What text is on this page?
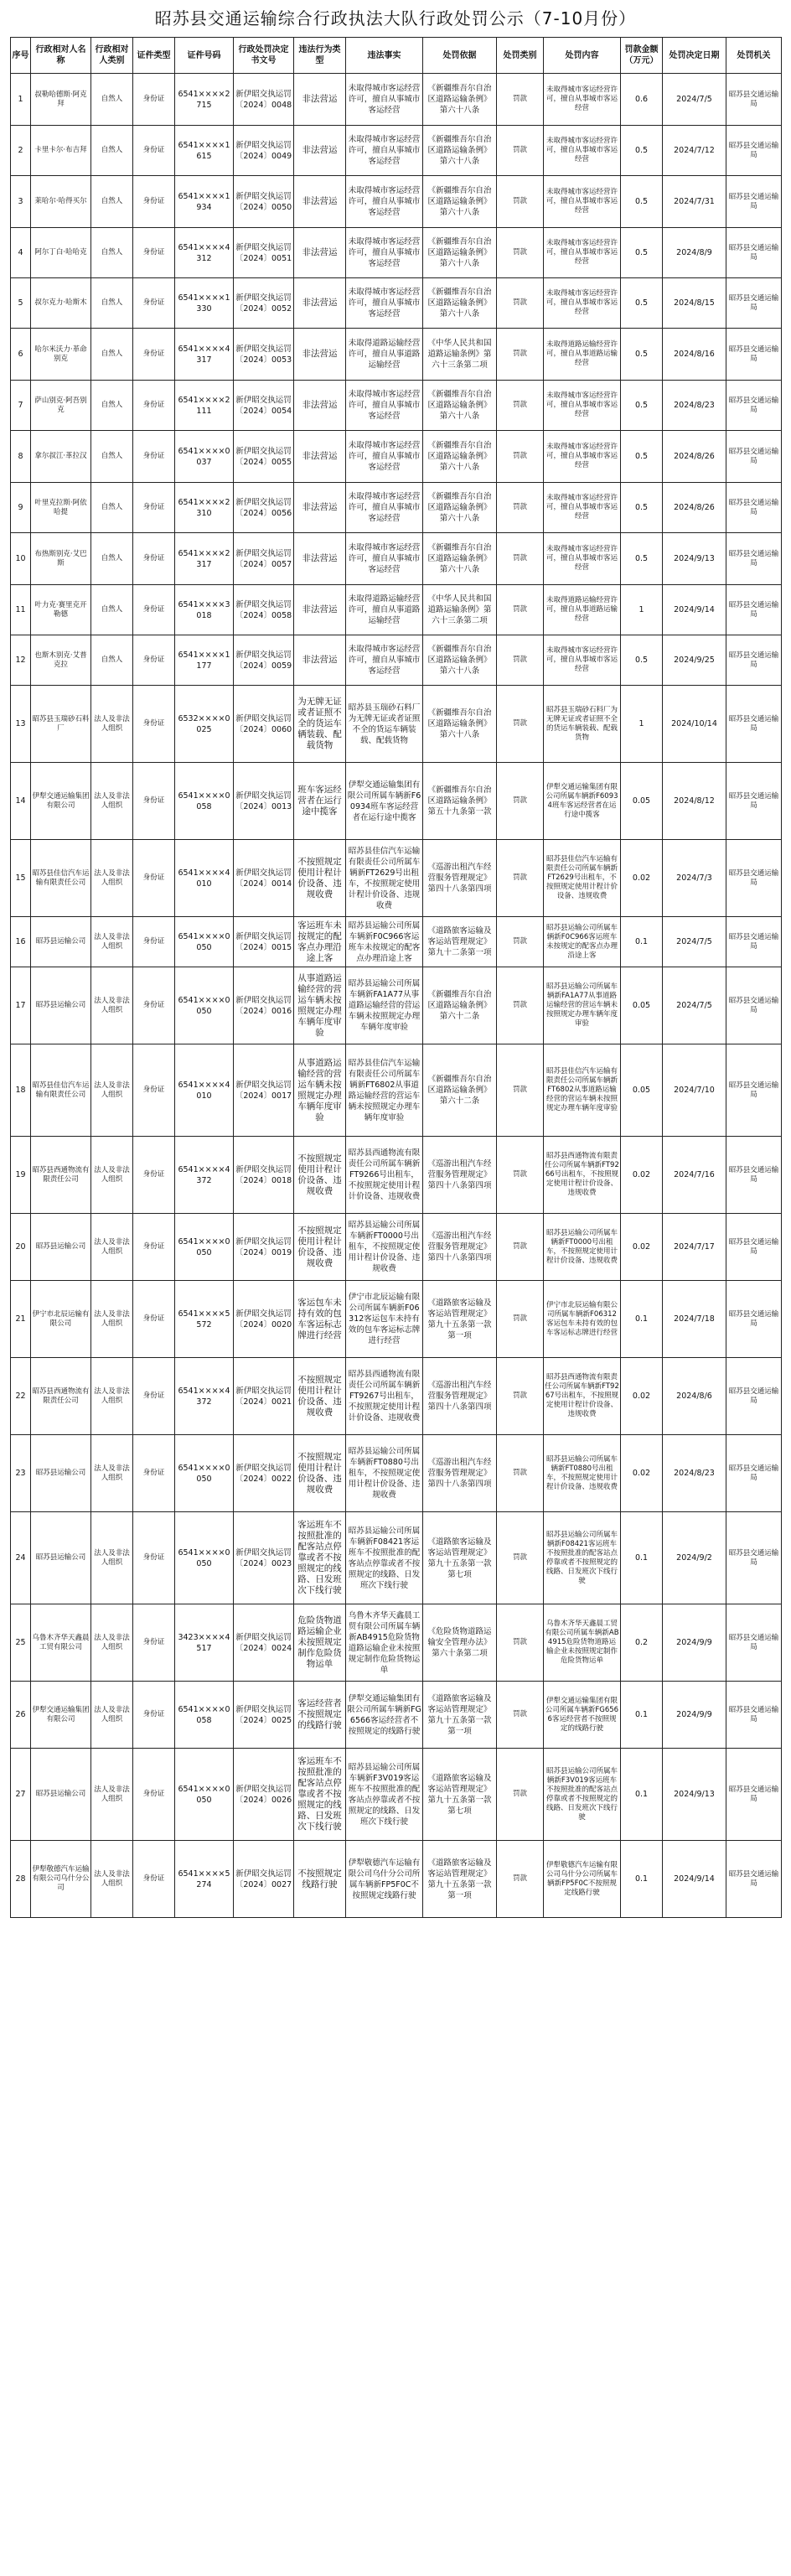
昭苏县交通运输综合行政执法大队行政处罚公示（7-10月份）
序号	行政相对人名称	行政相对人类别	证件类型	证件号码	行政处罚决定书文号	违法行为类型	违法事实	处罚依据	处罚类别	处罚内容	罚款金额（万元）	处罚决定日期	处罚机关
1	叔勒哈德斯·阿克拜	自然人	身份证	6541××××2715	新伊昭交执运罚〔2024〕0048	非法营运	未取得城市客运经营许可，擅自从事城市客运经营	《新疆维吾尔自治区道路运输条例》第六十八条	罚款	未取得城市客运经营许可，擅自从事城市客运经营	0.6	2024/7/5	昭苏县交通运输局
2	卡里卡尔·布吉拜	自然人	身份证	6541××××1615	新伊昭交执运罚〔2024〕0049	非法营运	未取得城市客运经营许可，擅自从事城市客运经营	《新疆维吾尔自治区道路运输条例》第六十八条	罚款	未取得城市客运经营许可，擅自从事城市客运经营	0.5	2024/7/12	昭苏县交通运输局
3	莱哈尔·哈得买尔	自然人	身份证	6541××××1934	新伊昭交执运罚〔2024〕0050	非法营运	未取得城市客运经营许可，擅自从事城市客运经营	《新疆维吾尔自治区道路运输条例》第六十八条	罚款	未取得城市客运经营许可，擅自从事城市客运经营	0.5	2024/7/31	昭苏县交通运输局
4	阿尔丁白·哈哈克	自然人	身份证	6541××××4312	新伊昭交执运罚〔2024〕0051	非法营运	未取得城市客运经营许可，擅自从事城市客运经营	《新疆维吾尔自治区道路运输条例》第六十八条	罚款	未取得城市客运经营许可，擅自从事城市客运经营	0.5	2024/8/9	昭苏县交通运输局
5	叔尔克力·哈斯木	自然人	身份证	6541××××1330	新伊昭交执运罚〔2024〕0052	非法营运	未取得城市客运经营许可，擅自从事城市客运经营	《新疆维吾尔自治区道路运输条例》第六十八条	罚款	未取得城市客运经营许可，擅自从事城市客运经营	0.5	2024/8/15	昭苏县交通运输局
6	哈尔米沃力·革命别克	自然人	身份证	6541××××4317	新伊昭交执运罚〔2024〕0053	非法营运	未取得道路运输经营许可，擅自从事道路运输经营	《中华人民共和国道路运输条例》第六十三条第二项	罚款	未取得道路运输经营许可，擅自从事道路运输经营	0.5	2024/8/16	昭苏县交通运输局
7	萨山别克·阿吾别克	自然人	身份证	6541××××2111	新伊昭交执运罚〔2024〕0054	非法营运	未取得城市客运经营许可，擅自从事城市客运经营	《新疆维吾尔自治区道路运输条例》第六十八条	罚款	未取得城市客运经营许可，擅自从事城市客运经营	0.5	2024/8/23	昭苏县交通运输局
8	拿尔叔江·革拉汉	自然人	身份证	6541××××0037	新伊昭交执运罚〔2024〕0055	非法营运	未取得城市客运经营许可，擅自从事城市客运经营	《新疆维吾尔自治区道路运输条例》第六十八条	罚款	未取得城市客运经营许可，擅自从事城市客运经营	0.5	2024/8/26	昭苏县交通运输局
9	叶里克拉斯·阿依哈提	自然人	身份证	6541××××2310	新伊昭交执运罚〔2024〕0056	非法营运	未取得城市客运经营许可，擅自从事城市客运经营	《新疆维吾尔自治区道路运输条例》第六十八条	罚款	未取得城市客运经营许可，擅自从事城市客运经营	0.5	2024/8/26	昭苏县交通运输局
10	布热斯别克·艾巴斯	自然人	身份证	6541××××2317	新伊昭交执运罚〔2024〕0057	非法营运	未取得城市客运经营许可，擅自从事城市客运经营	《新疆维吾尔自治区道路运输条例》第六十八条	罚款	未取得城市客运经营许可，擅自从事城市客运经营	0.5	2024/9/13	昭苏县交通运输局
11	叶力克·赛里克开勒德	自然人	身份证	6541××××3018	新伊昭交执运罚〔2024〕0058	非法营运	未取得道路运输经营许可，擅自从事道路运输经营	《中华人民共和国道路运输条例》第六十三条第二项	罚款	未取得道路运输经营许可，擅自从事道路运输经营	1	2024/9/14	昭苏县交通运输局
12	也斯木别克·艾普克拉	自然人	身份证	6541××××1177	新伊昭交执运罚〔2024〕0059	非法营运	未取得城市客运经营许可，擅自从事城市客运经营	《新疆维吾尔自治区道路运输条例》第六十八条	罚款	未取得城市客运经营许可，擅自从事城市客运经营	0.5	2024/9/25	昭苏县交通运输局
13	昭苏县玉瑞砂石料厂	法人及非法人组织	身份证	6532××××0025	新伊昭交执运罚〔2024〕0060	为无牌无证或者证照不全的货运车辆装载、配载货物	昭苏县玉瑞砂石料厂为无牌无证或者证照不全的货运车辆装载、配载货物	《新疆维吾尔自治区道路运输条例》第六十八条	罚款	昭苏县玉瑞砂石料厂为无牌无证或者证照不全的货运车辆装载、配载货物	1	2024/10/14	昭苏县交通运输局
14	伊犁交通运输集团有限公司	法人及非法人组织	身份证	6541××××0058	新伊昭交执运罚〔2024〕0013	班车客运经营者在运行途中揽客	伊犁交通运输集团有限公司所属车辆新F60934班车客运经营者在运行途中揽客	《新疆维吾尔自治区道路运输条例》第五十九条第一款	罚款	伊犁交通运输集团有限公司所属车辆新F60934班车客运经营者在运行途中揽客	0.05	2024/8/12	昭苏县交通运输局
15	昭苏县佳信汽车运输有限责任公司	法人及非法人组织	身份证	6541××××4010	新伊昭交执运罚〔2024〕0014	不按照规定使用计程计价设备、违规收费	昭苏县佳信汽车运输有限责任公司所属车辆新FT2629号出租车，不按照规定使用计程计价设备、违规收费	《巡游出租汽车经营服务管理规定》第四十八条第四项	罚款	昭苏县佳信汽车运输有限责任公司所属车辆新FT2629号出租车，不按照规定使用计程计价设备、违规收费	0.02	2024/7/3	昭苏县交通运输局
16	昭苏县运输公司	法人及非法人组织	身份证	6541××××0050	新伊昭交执运罚〔2024〕0015	客运班车未按规定的配客点办理沿途上客	昭苏县运输公司所属车辆新F0C966客运班车未按规定的配客点办理沿途上客	《道路旅客运输及客运站管理规定》第九十二条第一项	罚款	昭苏县运输公司所属车辆新F0C966客运班车未按规定的配客点办理沿途上客	0.1	2024/7/5	昭苏县交通运输局
17	昭苏县运输公司	法人及非法人组织	身份证	6541××××0050	新伊昭交执运罚〔2024〕0016	从事道路运输经营的营运车辆未按照规定办理车辆年度审验	昭苏县运输公司所属车辆新FA1A77从事道路运输经营的营运车辆未按照规定办理车辆年度审验	《新疆维吾尔自治区道路运输条例》第六十二条	罚款	昭苏县运输公司所属车辆新FA1A77从事道路运输经营的营运车辆未按照规定办理车辆年度审验	0.05	2024/7/5	昭苏县交通运输局
18	昭苏县佳信汽车运输有限责任公司	法人及非法人组织	身份证	6541××××4010	新伊昭交执运罚〔2024〕0017	从事道路运输经营的营运车辆未按照规定办理车辆年度审验	昭苏县佳信汽车运输有限责任公司所属车辆新FT6802从事道路运输经营的营运车辆未按照规定办理车辆年度审验	《新疆维吾尔自治区道路运输条例》第六十二条	罚款	昭苏县佳信汽车运输有限责任公司所属车辆新FT6802从事道路运输经营的营运车辆未按照规定办理车辆年度审验	0.05	2024/7/10	昭苏县交通运输局
19	昭苏县西通物流有限责任公司	法人及非法人组织	身份证	6541××××4372	新伊昭交执运罚〔2024〕0018	不按照规定使用计程计价设备、违规收费	昭苏县西通物流有限责任公司所属车辆新FT9266号出租车，不按照规定使用计程计价设备、违规收费	《巡游出租汽车经营服务管理规定》第四十八条第四项	罚款	昭苏县西通物流有限责任公司所属车辆新FT9266号出租车，不按照规定使用计程计价设备、违规收费	0.02	2024/7/16	昭苏县交通运输局
20	昭苏县运输公司	法人及非法人组织	身份证	6541××××0050	新伊昭交执运罚〔2024〕0019	不按照规定使用计程计价设备、违规收费	昭苏县运输公司所属车辆新FT0000号出租车，不按照规定使用计程计价设备、违规收费	《巡游出租汽车经营服务管理规定》第四十八条第四项	罚款	昭苏县运输公司所属车辆新FT0000号出租车，不按照规定使用计程计价设备、违规收费	0.02	2024/7/17	昭苏县交通运输局
21	伊宁市北辰运输有限公司	法人及非法人组织	身份证	6541××××5572	新伊昭交执运罚〔2024〕0020	客运包车未持有效的包车客运标志牌进行经营	伊宁市北辰运输有限公司所属车辆新F06312客运包车未持有效的包车客运标志牌进行经营	《道路旅客运输及客运站管理规定》第九十五条第一款第一项	罚款	伊宁市北辰运输有限公司所属车辆新F06312客运包车未持有效的包车客运标志牌进行经营	0.1	2024/7/18	昭苏县交通运输局
22	昭苏县西通物流有限责任公司	法人及非法人组织	身份证	6541××××4372	新伊昭交执运罚〔2024〕0021	不按照规定使用计程计价设备、违规收费	昭苏县西通物流有限责任公司所属车辆新FT9267号出租车，不按照规定使用计程计价设备、违规收费	《巡游出租汽车经营服务管理规定》第四十八条第四项	罚款	昭苏县西通物流有限责任公司所属车辆新FT9267号出租车，不按照规定使用计程计价设备、违规收费	0.02	2024/8/6	昭苏县交通运输局
23	昭苏县运输公司	法人及非法人组织	身份证	6541××××0050	新伊昭交执运罚〔2024〕0022	不按照规定使用计程计价设备、违规收费	昭苏县运输公司所属车辆新FT0880号出租车，不按照规定使用计程计价设备、违规收费	《巡游出租汽车经营服务管理规定》第四十八条第四项	罚款	昭苏县运输公司所属车辆新FT0880号出租车，不按照规定使用计程计价设备、违规收费	0.02	2024/8/23	昭苏县交通运输局
24	昭苏县运输公司	法人及非法人组织	身份证	6541××××0050	新伊昭交执运罚〔2024〕0023	客运班车不按照批准的配客站点停靠或者不按照规定的线路、日发班次下线行驶	昭苏县运输公司所属车辆新F08421客运班车不按照批准的配客站点停靠或者不按照规定的线路、日发班次下线行驶	《道路旅客运输及客运站管理规定》第九十五条第一款第七项	罚款	昭苏县运输公司所属车辆新F08421客运班车不按照批准的配客站点停靠或者不按照规定的线路、日发班次下线行驶	0.1	2024/9/2	昭苏县交通运输局
25	乌鲁木齐华天鑫晨工贸有限公司	法人及非法人组织	身份证	3423××××4517	新伊昭交执运罚〔2024〕0024	危险货物道路运输企业未按照规定制作危险货物运单	乌鲁木齐华天鑫晨工贸有限公司所属车辆新AB4915危险货物道路运输企业未按照规定制作危险货物运单	《危险货物道路运输安全管理办法》第六十条第二项	罚款	乌鲁木齐华天鑫晨工贸有限公司所属车辆新AB4915危险货物道路运输企业未按照规定制作危险货物运单	0.2	2024/9/9	昭苏县交通运输局
26	伊犁交通运输集团有限公司	法人及非法人组织	身份证	6541××××0058	新伊昭交执运罚〔2024〕0025	客运经营者不按照规定的线路行驶	伊犁交通运输集团有限公司所属车辆新FG6566客运经营者不按照规定的线路行驶	《道路旅客运输及客运站管理规定》第九十五条第一款第一项	罚款	伊犁交通运输集团有限公司所属车辆新FG6566客运经营者不按照规定的线路行驶	0.1	2024/9/9	昭苏县交通运输局
27	昭苏县运输公司	法人及非法人组织	身份证	6541××××0050	新伊昭交执运罚〔2024〕0026	客运班车不按照批准的配客站点停靠或者不按照规定的线路、日发班次下线行驶	昭苏县运输公司所属车辆新F3V019客运班车不按照批准的配客站点停靠或者不按照规定的线路、日发班次下线行驶	《道路旅客运输及客运站管理规定》第九十五条第一款第七项	罚款	昭苏县运输公司所属车辆新F3V019客运班车不按照批准的配客站点停靠或者不按照规定的线路、日发班次下线行驶	0.1	2024/9/13	昭苏县交通运输局
28	伊犁敬德汽车运输有限公司乌什分公司	法人及非法人组织	身份证	6541××××5274	新伊昭交执运罚〔2024〕0027	不按照规定线路行驶	伊犁敬德汽车运输有限公司乌什分公司所属车辆新FP5F0C不按照规定线路行驶	《道路旅客运输及客运站管理规定》第九十五条第一款第一项	罚款	伊犁敬德汽车运输有限公司乌什分公司所属车辆新FP5F0C不按照规定线路行驶	0.1	2024/9/14	昭苏县交通运输局
